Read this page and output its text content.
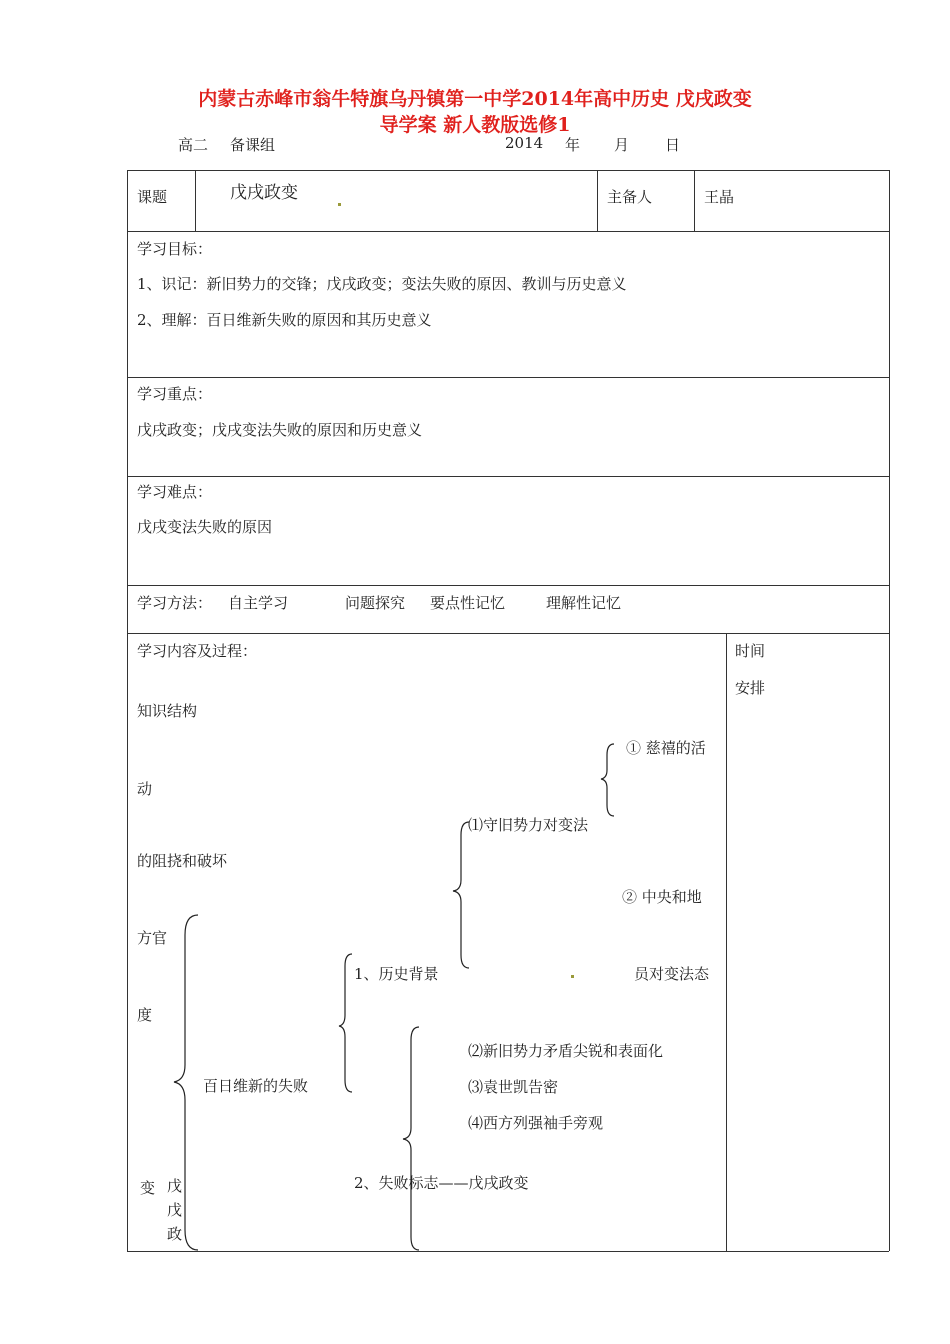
内蒙古赤峰市翁牛特旗乌丹镇第一中学2014年高中历史 戊戌政变
导学案 新人教版选修1
高二 备课组	2014 年 月 日
课题	戊戌政变	主备人	王晶
学习目标：
1、识记：新旧势力的交锋；戊戌政变；变法失败的原因、教训与历史意义
2、理解：百日维新失败的原因和其历史意义
学习重点：
戊戌政变；戊戌变法失败的原因和历史意义
学习难点：
戊戌变法失败的原因
学习方法： 自主学习	问题探究 要点性记忆	理解性记忆
学习内容及过程：	时间
安排
知识结构
动
的阻挠和破坏
方官
度
变 戊
戊
政
百日维新的失败
1、历史背景
2、失败标志——戊戌政变
⑴守旧势力对变法
⑵新旧势力矛盾尖锐和表面化
⑶袁世凯告密
⑷西方列强袖手旁观
① 慈禧的活
② 中央和地
员对变法态
